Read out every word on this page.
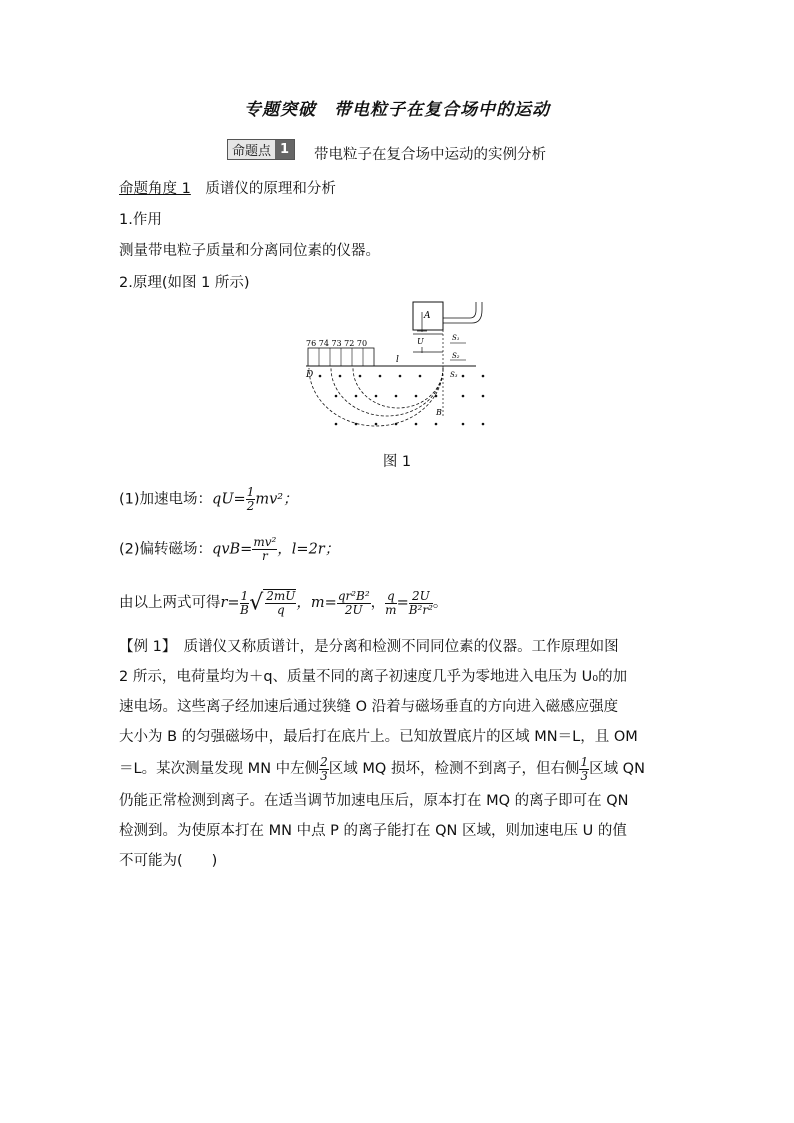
专题突破　带电粒子在复合场中的运动
命题点 1	带电粒子在复合场中运动的实例分析
命题角度 1　 质谱仪的原理和分析
1.作用
测量带电粒子质量和分离同位素的仪器。
2.原理(如图 1 所示)
A
U	S₁
S₂
76 74 73 72 70
l
S₃
D
B
图 1
(1)加速电场：$qU= \frac{1}{2} mv^2$；
(2)偏转磁场：$qvB= \frac{\text{mv²}}{r}$ ，l=2r；
由以上两式可得$r= \frac{1}{B}$ √ $\frac{2mU}{q}$ ，$m= \frac{\text{qr²B²}}{2U}$ ， $\frac{q}{m} = \frac{2U}{\text{B²r²}}$ 。
【例 1】　质谱仪又称质谱计，是分离和检测不同同位素的仪器。工作原理如图
2 所示，电荷量均为＋q、质量不同的离子初速度几乎为零地进入电压为 U₀的加
速电场。这些离子经加速后通过狭缝 O 沿着与磁场垂直的方向进入磁感应强度
大小为 B 的匀强磁场中，最后打在底片上。已知放置底片的区域 MN＝L，且 OM
＝L。某次测量发现 MN 中左侧 $\frac{2}{3}$ 区域 MQ 损坏，检测不到离子，但右侧 $\frac{1}{3}$ 区域 QN
仍能正常检测到离子。在适当调节加速电压后，原本打在 MQ 的离子即可在 QN
检测到。为使原本打在 MN 中点 P 的离子能打在 QN 区域，则加速电压 U 的值
不可能为(　　)
